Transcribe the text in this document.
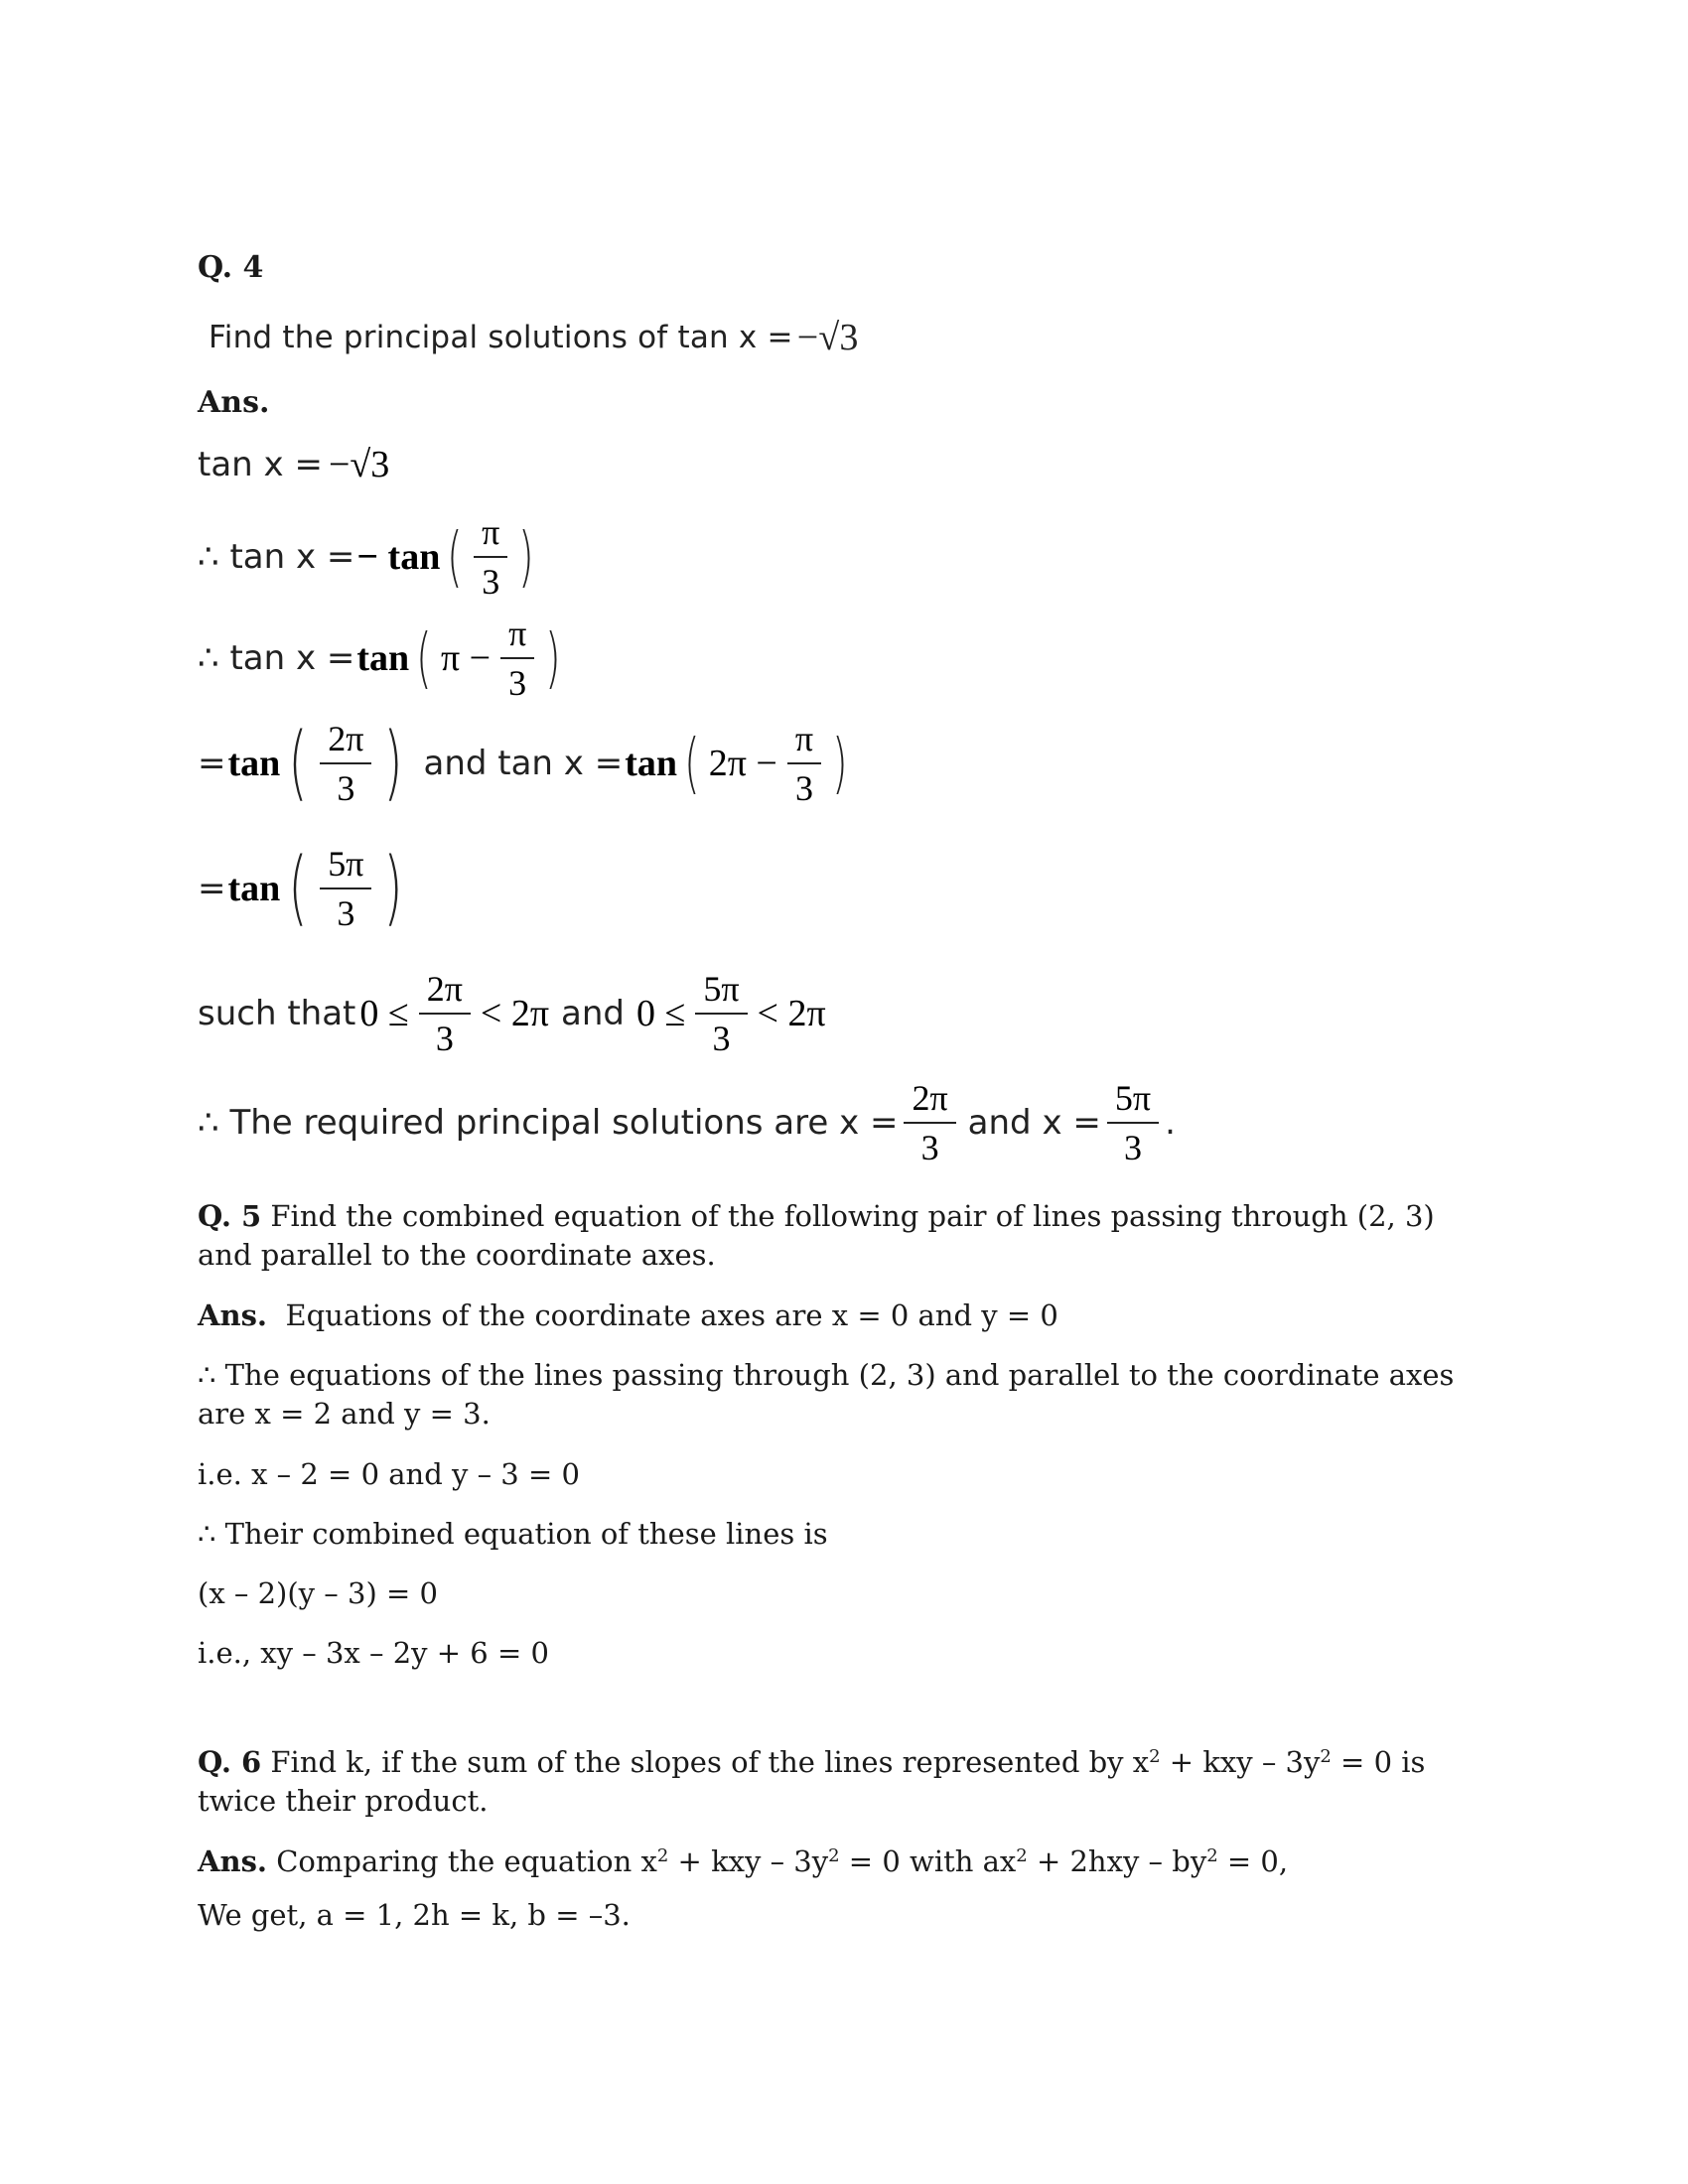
Q. 4
Find the principal solutions of tan x = −√3
Ans.
tan x = −√3
∴ tan x = − tan ( $\frac{\pi}{3}$ )
∴ tan x = tan ( $\pi - \frac{\pi}{3}$ )
= tan ( $\frac{2\pi}{3}$ ) and tan x = tan ( $2\pi - \frac{\pi}{3}$ )
= tan ( $\frac{5\pi}{3}$ )
such that $0 \le \frac{2\pi}{3} < 2\pi$ and $0 \le \frac{5\pi}{3} < 2\pi$
∴ The required principal solutions are $x = \frac{2\pi}{3}$ and $x = \frac{5\pi}{3}$ .
Q. 5 Find the combined equation of the following pair of lines passing through (2, 3) and parallel to the coordinate axes.
Ans. Equations of the coordinate axes are x = 0 and y = 0
∴ The equations of the lines passing through (2, 3) and parallel to the coordinate axes are x = 2 and y = 3.
i.e. x – 2 = 0 and y – 3 = 0
∴ Their combined equation of these lines is
(x – 2)(y – 3) = 0
i.e., xy – 3x – 2y + 6 = 0
Q. 6 Find k, if the sum of the slopes of the lines represented by $x^2$ + kxy – $3y^2 = 0$ is twice their product.
Ans. Comparing the equation $x^2$ + kxy – $3y^2 = 0$ with $ax^2 + 2hxy - by^2 = 0$,
We get, a = 1, 2h = k, b = –3.
